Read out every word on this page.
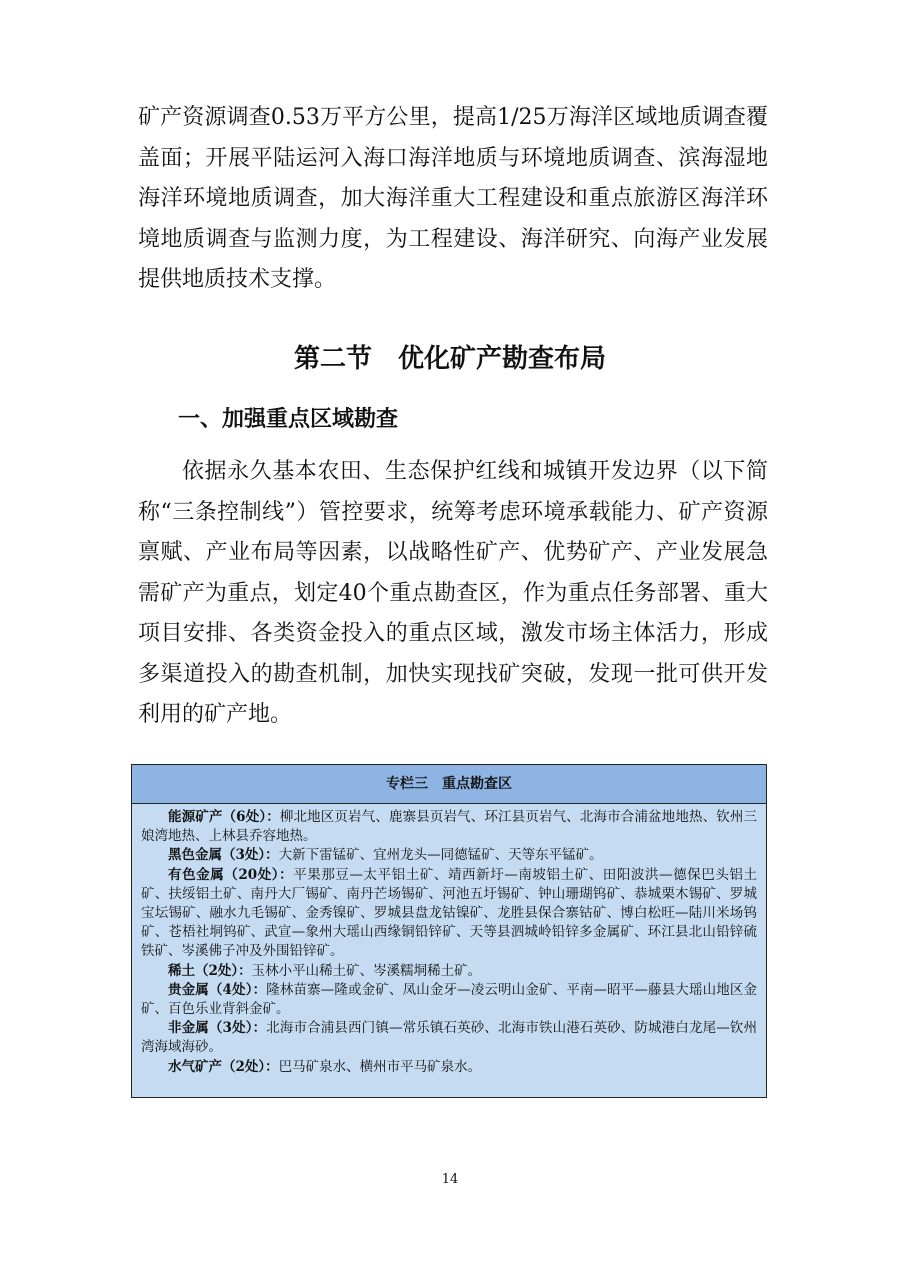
矿产资源调查0.53万平方公里，提高1/25万海洋区域地质调查覆盖面；开展平陆运河入海口海洋地质与环境地质调查、滨海湿地海洋环境地质调查，加大海洋重大工程建设和重点旅游区海洋环境地质调查与监测力度，为工程建设、海洋研究、向海产业发展提供地质技术支撑。

第二节　优化矿产勘查布局
一、加强重点区域勘查

依据永久基本农田、生态保护红线和城镇开发边界（以下简称“三条控制线”）管控要求，统筹考虑环境承载能力、矿产资源禀赋、产业布局等因素，以战略性矿产、优势矿产、产业发展急需矿产为重点，划定40个重点勘查区，作为重点任务部署、重大项目安排、各类资金投入的重点区域，激发市场主体活力，形成多渠道投入的勘查机制，加快实现找矿突破，发现一批可供开发利用的矿产地。

专栏三　重点勘查区

能源矿产（6处）：柳北地区页岩气、鹿寨县页岩气、环江县页岩气、北海市合浦盆地地热、钦州三娘湾地热、上林县乔容地热。

黑色金属（3处）：大新下雷锰矿、宜州龙头—同德锰矿、天等东平锰矿。

有色金属（20处）：平果那豆—太平铝土矿、靖西新圩—南坡铝土矿、田阳波洪—德保巴头铝土矿、扶绥铝土矿、南丹大厂锡矿、南丹芒场锡矿、河池五圩锡矿、钟山珊瑚钨矿、恭城栗木锡矿、罗城宝坛锡矿、融水九毛锡矿、金秀镍矿、罗城县盘龙钴镍矿、龙胜县保合寨钴矿、博白松旺—陆川米场钨矿、苍梧社垌钨矿、武宣—象州大瑶山西缘铜铅锌矿、天等县泗城岭铅锌多金属矿、环江县北山铅锌硫铁矿、岑溪佛子冲及外围铅锌矿。

稀土（2处）：玉林小平山稀土矿、岑溪糯垌稀土矿。

贵金属（4处）：隆林苗寨—隆或金矿、凤山金牙—凌云明山金矿、平南—昭平—藤县大瑶山地区金矿、百色乐业背斜金矿。

非金属（3处）：北海市合浦县西门镇—常乐镇石英砂、北海市铁山港石英砂、防城港白龙尾—钦州湾海域海砂。

水气矿产（2处）：巴马矿泉水、横州市平马矿泉水。

14
